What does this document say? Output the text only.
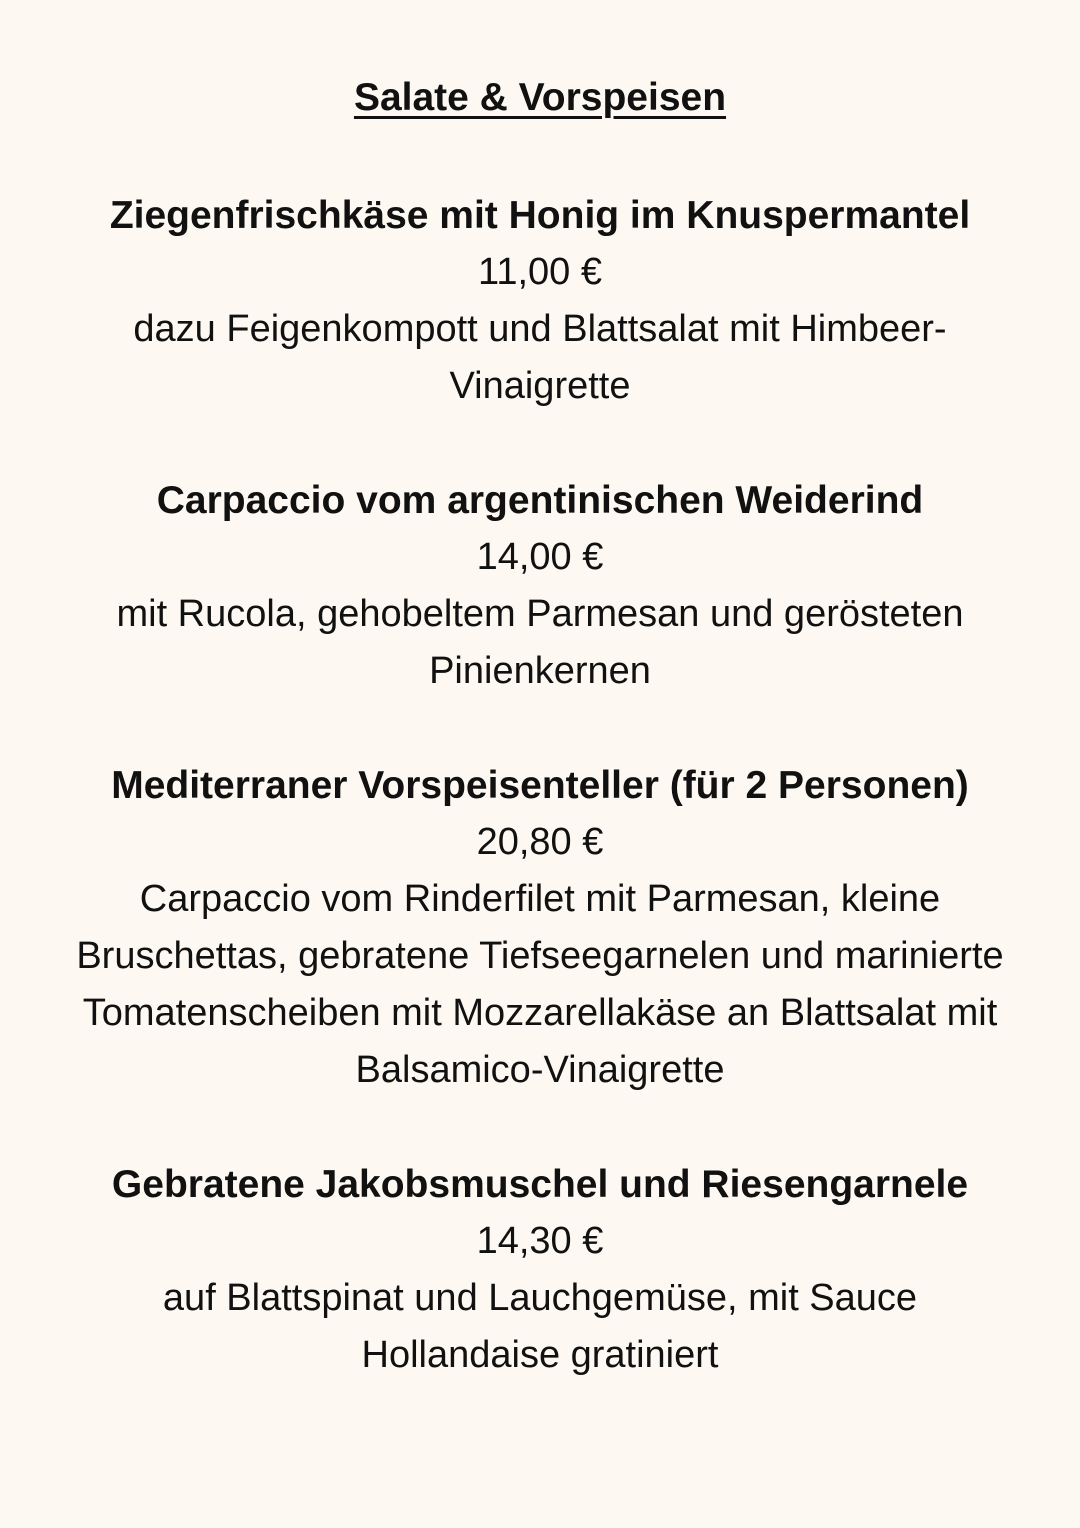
Salate & Vorspeisen

Ziegenfrischkäse mit Honig im Knuspermantel

11,00 €

dazu Feigenkompott und Blattsalat mit Himbeer-Vinaigrette

Carpaccio vom argentinischen Weiderind

14,00 €

mit Rucola, gehobeltem Parmesan und gerösteten Pinienkernen

Mediterraner Vorspeisenteller (für 2 Personen)

20,80 €

Carpaccio vom Rinderfilet mit Parmesan, kleine Bruschettas, gebratene Tiefseegarnelen und marinierte Tomatenscheiben mit Mozzarellakäse an Blattsalat mit Balsamico-Vinaigrette

Gebratene Jakobsmuschel und Riesengarnele

14,30 €

auf Blattspinat und Lauchgemüse, mit Sauce Hollandaise gratiniert
